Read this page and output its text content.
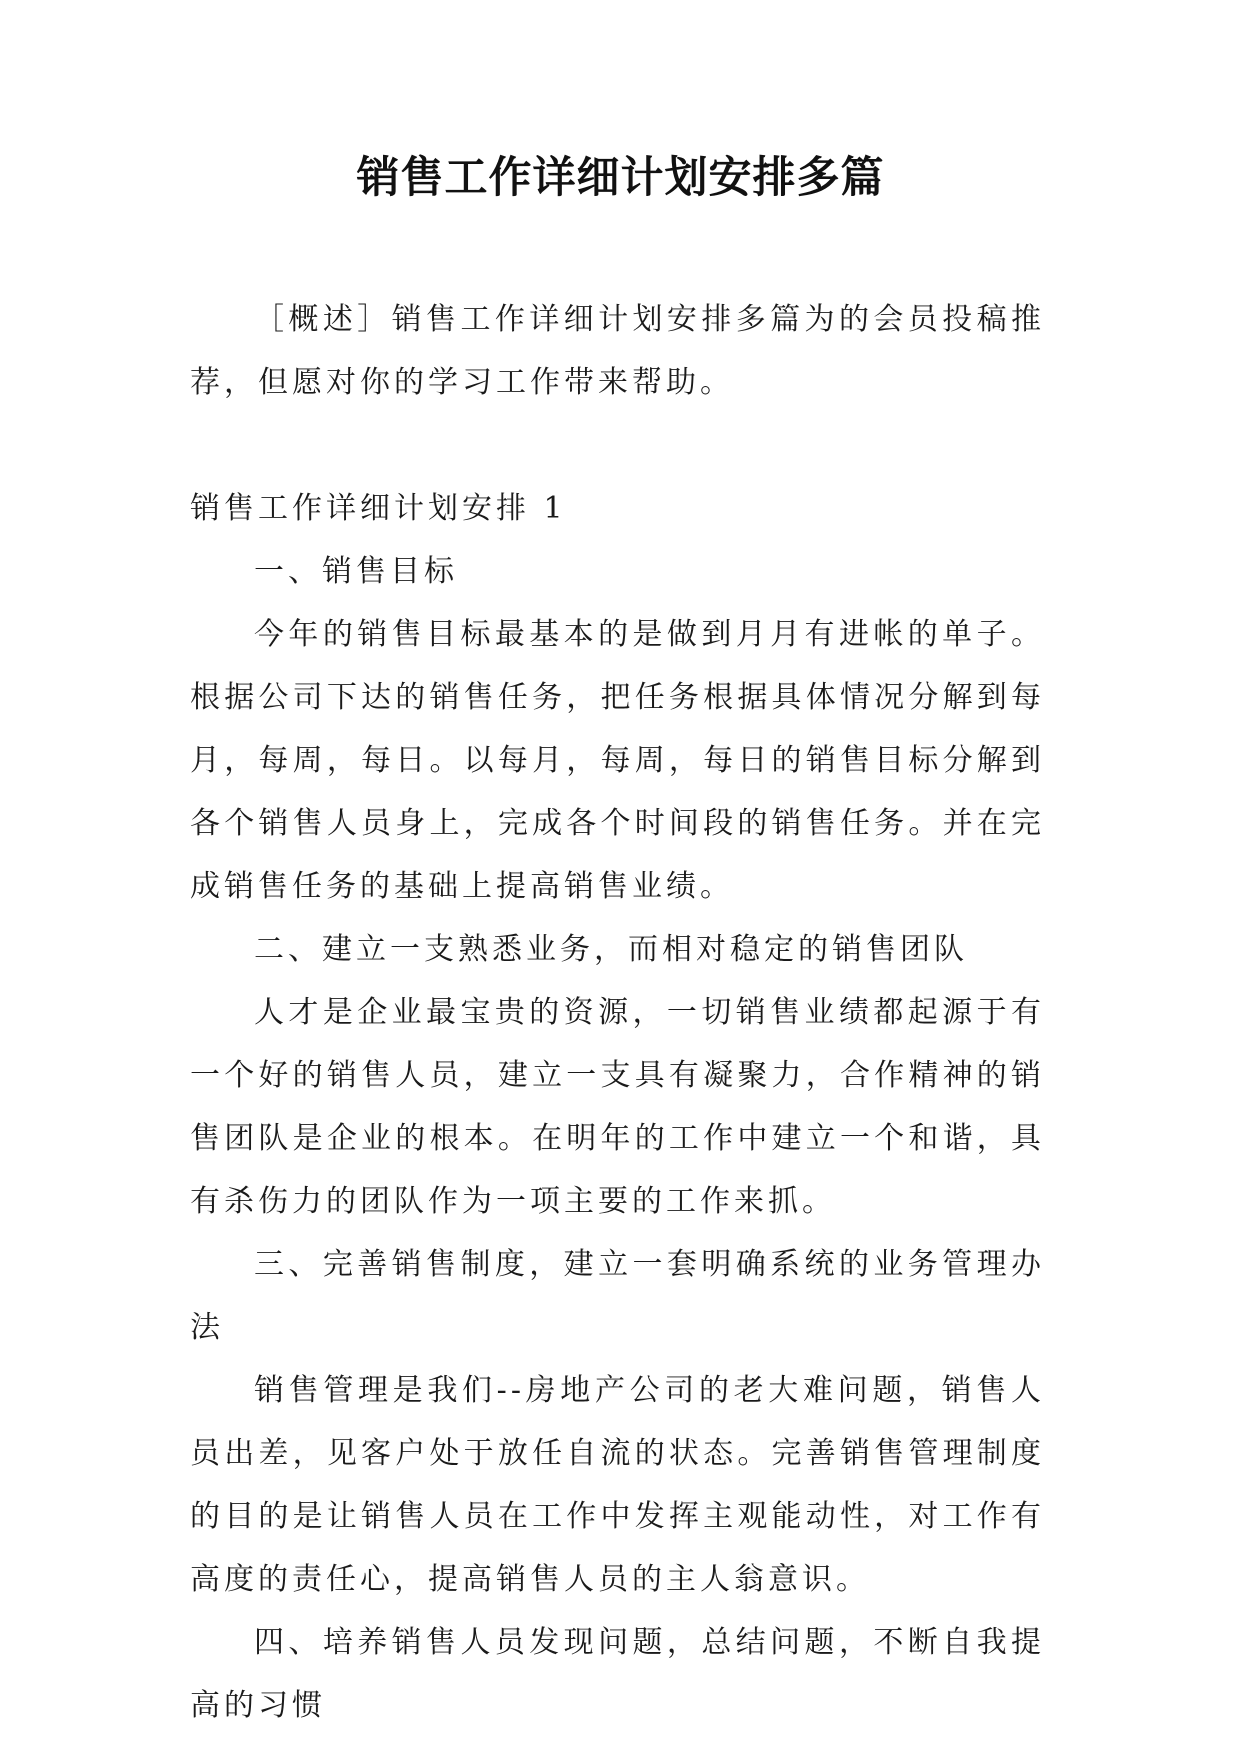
销售工作详细计划安排多篇

［概述］销售工作详细计划安排多篇为的会员投稿推荐，但愿对你的学习工作带来帮助。

销售工作详细计划安排 1

一、销售目标

今年的销售目标最基本的是做到月月有进帐的单子。根据公司下达的销售任务，把任务根据具体情况分解到每月，每周，每日。以每月，每周，每日的销售目标分解到各个销售人员身上，完成各个时间段的销售任务。并在完成销售任务的基础上提高销售业绩。

二、建立一支熟悉业务，而相对稳定的销售团队

人才是企业最宝贵的资源，一切销售业绩都起源于有一个好的销售人员，建立一支具有凝聚力，合作精神的销售团队是企业的根本。在明年的工作中建立一个和谐，具有杀伤力的团队作为一项主要的工作来抓。

三、完善销售制度，建立一套明确系统的业务管理办法

销售管理是我们--房地产公司的老大难问题，销售人员出差，见客户处于放任自流的状态。完善销售管理制度的目的是让销售人员在工作中发挥主观能动性，对工作有高度的责任心，提高销售人员的主人翁意识。

四、培养销售人员发现问题，总结问题，不断自我提高的习惯
